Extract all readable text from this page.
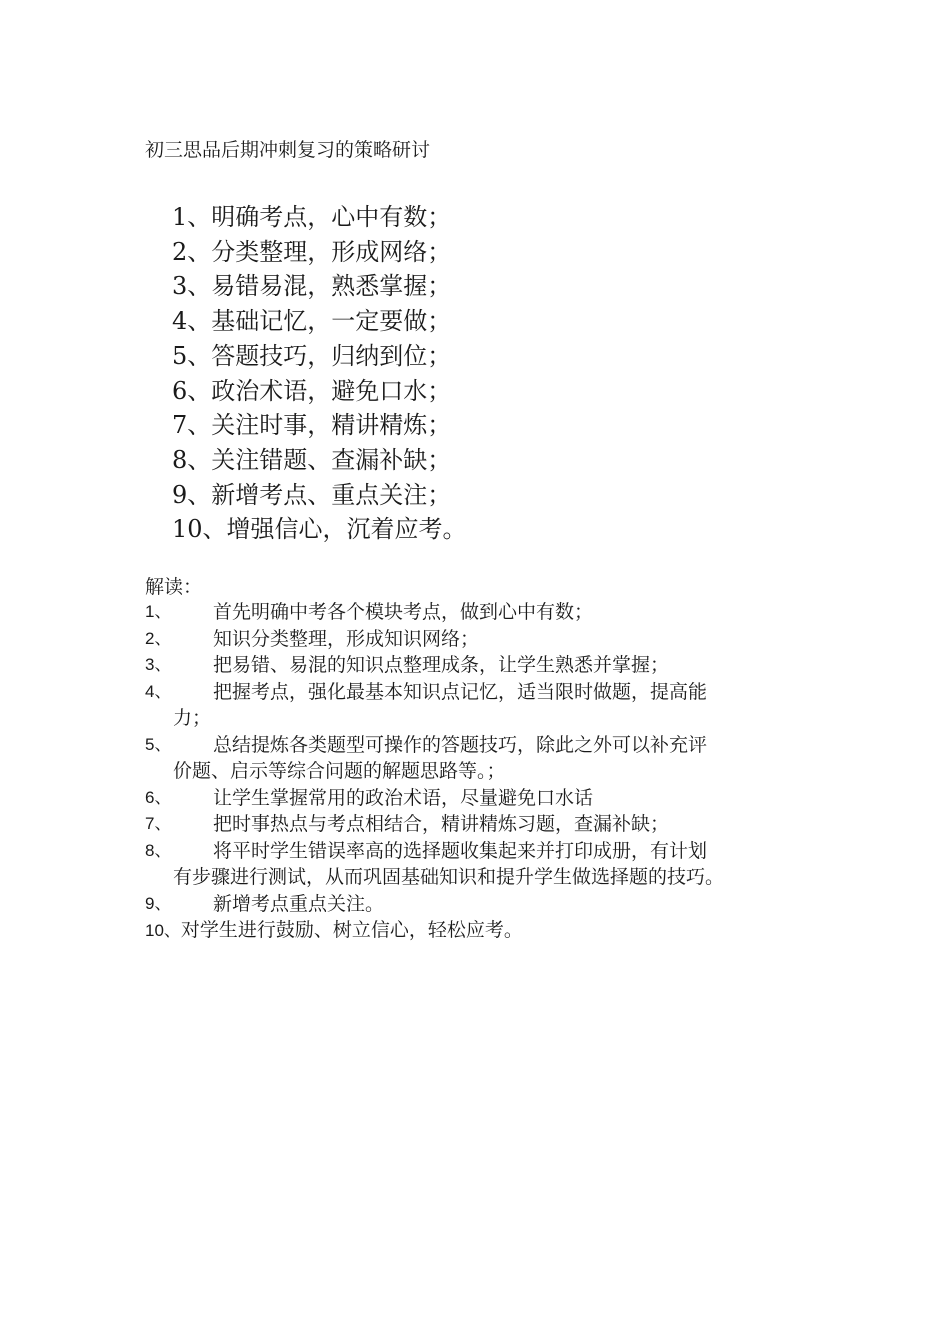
初三思品后期冲刺复习的策略研讨
1、明确考点，心中有数；
2、分类整理，形成网络；
3、易错易混，熟悉掌握；
4、基础记忆，一定要做；
5、答题技巧，归纳到位；
6、政治术语，避免口水；
7、关注时事，精讲精炼；
8、关注错题、查漏补缺；
9、新增考点、重点关注；
10、增强信心，沉着应考。
解读：
1、	首先明确中考各个模块考点，做到心中有数；
2、	知识分类整理，形成知识网络；
3、	把易错、易混的知识点整理成条，让学生熟悉并掌握；
4、	把握考点，强化最基本知识点记忆，适当限时做题，提高能
力；
5、	总结提炼各类题型可操作的答题技巧，除此之外可以补充评
价题、启示等综合问题的解题思路等。；
6、	让学生掌握常用的政治术语，尽量避免口水话
7、	把时事热点与考点相结合，精讲精炼习题，查漏补缺；
8、	将平时学生错误率高的选择题收集起来并打印成册，有计划
有步骤进行测试，从而巩固基础知识和提升学生做选择题的技巧。
9、	新增考点重点关注。
10、对学生进行鼓励、树立信心，轻松应考。
